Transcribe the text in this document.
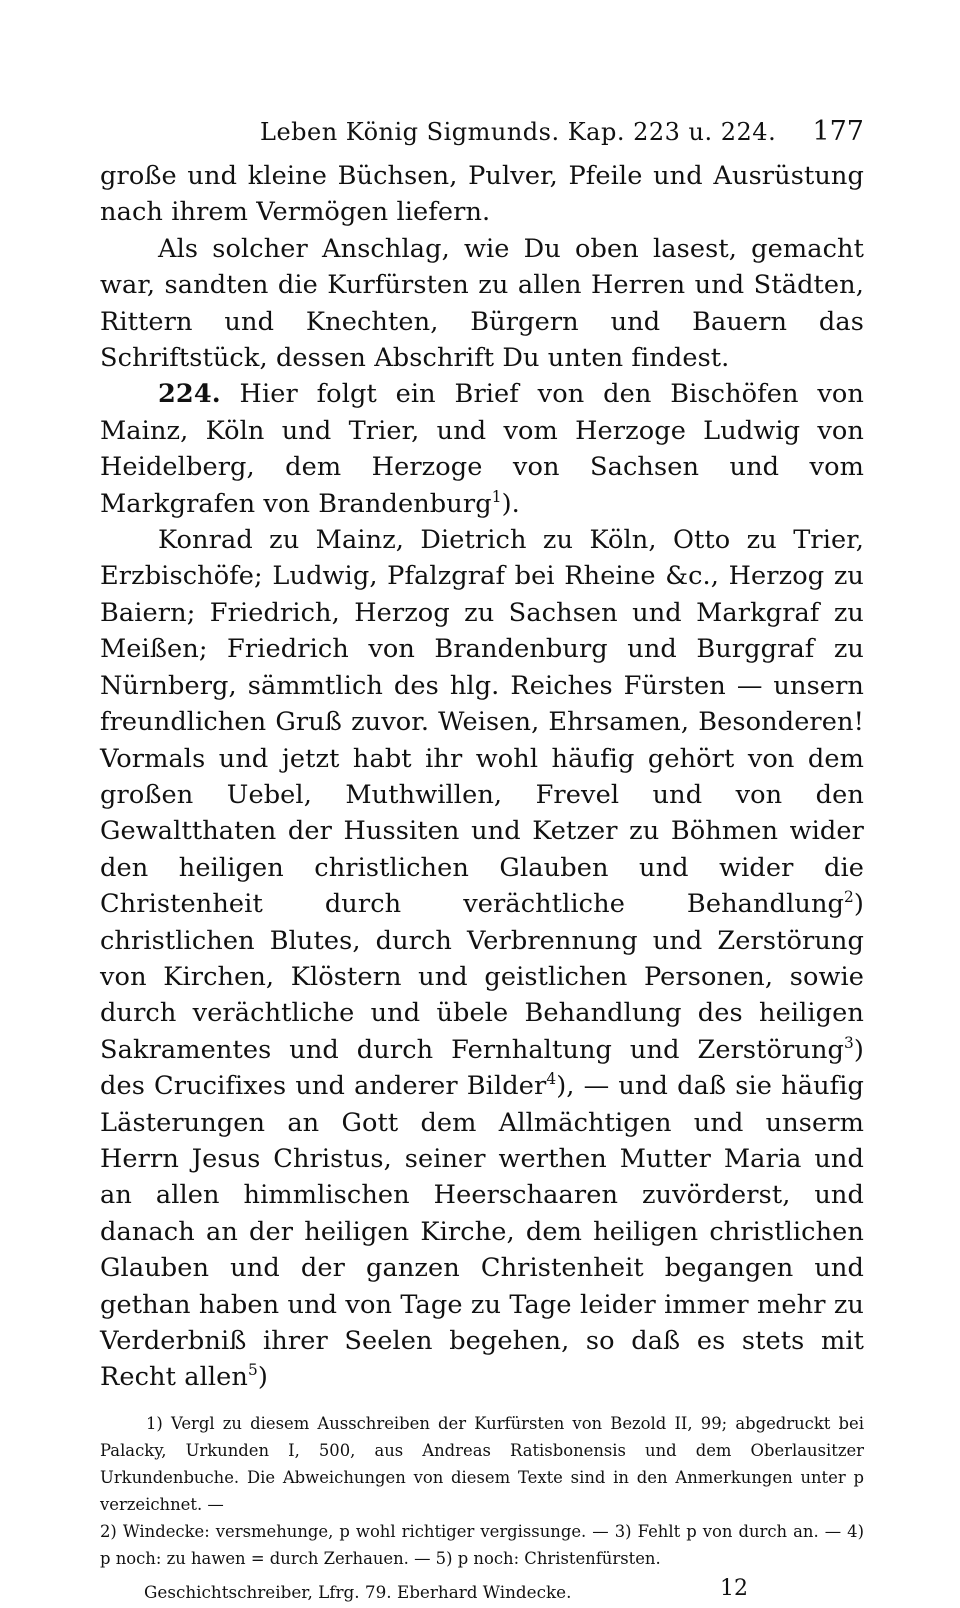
Leben König Sigmunds. Kap. 223 u. 224. 177

große und kleine Büchsen, Pulver, Pfeile und Ausrüstung nach ihrem Vermögen liefern.

Als solcher Anschlag, wie Du oben lasest, gemacht war, sandten die Kurfürsten zu allen Herren und Städten, Rittern und Knechten, Bürgern und Bauern das Schriftstück, dessen Abschrift Du unten findest.

224. Hier folgt ein Brief von den Bischöfen von Mainz, Köln und Trier, und vom Herzoge Ludwig von Heidelberg, dem Herzoge von Sachsen und vom Markgrafen von Brandenburg$^1$).

Konrad zu Mainz, Dietrich zu Köln, Otto zu Trier, Erzbischöfe; Ludwig, Pfalzgraf bei Rheine &c., Herzog zu Baiern; Friedrich, Herzog zu Sachsen und Markgraf zu Meißen; Friedrich von Brandenburg und Burggraf zu Nürnberg, sämmtlich des hlg. Reiches Fürsten — unsern freundlichen Gruß zuvor. Weisen, Ehrsamen, Besonderen! Vormals und jetzt habt ihr wohl häufig gehört von dem großen Uebel, Muthwillen, Frevel und von den Gewaltthaten der Hussiten und Ketzer zu Böhmen wider den heiligen christlichen Glauben und wider die Christenheit durch verächtliche Behandlung$^2$) christlichen Blutes, durch Verbrennung und Zerstörung von Kirchen, Klöstern und geistlichen Personen, sowie durch verächtliche und übele Behandlung des heiligen Sakramentes und durch Fernhaltung und Zerstörung$^3$) des Crucifixes und anderer Bilder$^4$), — und daß sie häufig Lästerungen an Gott dem Allmächtigen und unserm Herrn Jesus Christus, seiner werthen Mutter Maria und an allen himmlischen Heerschaaren zuvörderst, und danach an der heiligen Kirche, dem heiligen christlichen Glauben und der ganzen Christenheit begangen und gethan haben und von Tage zu Tage leider immer mehr zu Verderbniß ihrer Seelen begehen, so daß es stets mit Recht allen$^5$)

1) Vergl zu diesem Ausschreiben der Kurfürsten von Bezold II, 99; abgedruckt bei Palacky, Urkunden I, 500, aus Andreas Ratisbonensis und dem Oberlausitzer Urkundenbuche. Die Abweichungen von diesem Texte sind in den Anmerkungen unter p verzeichnet. —

2) Windecke: versmehunge, p wohl richtiger vergissunge. — 3) Fehlt p von durch an. — 4) p noch: zu hawen = durch Zerhauen. — 5) p noch: Christenfürsten.

Geschichtschreiber, Lfrg. 79. Eberhard Windecke.	12
